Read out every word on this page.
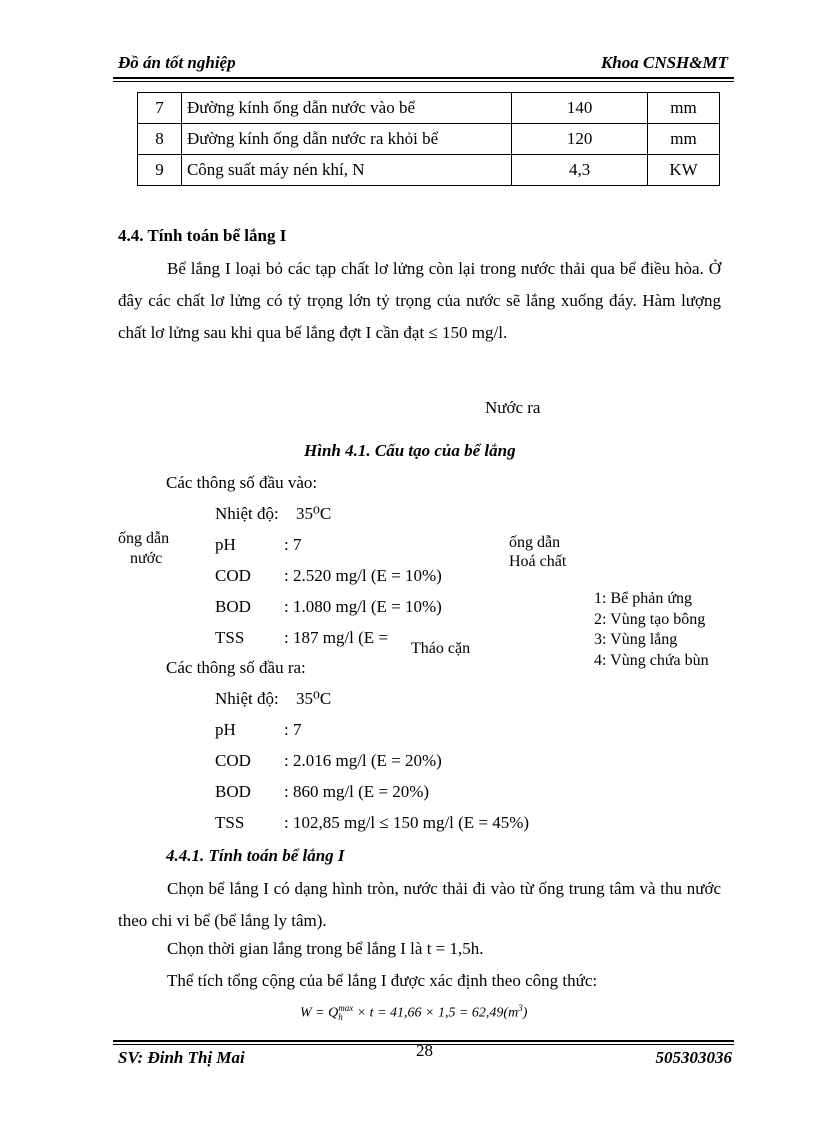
Đồ án tốt nghiệp	Khoa CNSH&MT
7	Đường kính ống dẫn nước vào bể	140	mm
8	Đường kính ống dẫn nước ra khỏi bể	120	mm
9	Công suất máy nén khí, N	4,3	KW
4.4. Tính toán bể lắng I
Bể lắng I loại bỏ các tạp chất lơ lửng còn lại trong nước thải qua bể điều hòa. Ở đây các chất lơ lửng có tỷ trọng lớn tỷ trọng của nước sẽ lắng xuống đáy. Hàm lượng chất lơ lửng sau khi qua bể lắng đợt I cần đạt ≤ 150 mg/l.
Nước ra
Hình 4.1. Cấu tạo của bể lắng
Các thông số đầu vào:
Nhiệt độ: 35⁰C
pH	: 7
COD : 2.520 mg/l (E = 10%)
BOD : 1.080 mg/l (E = 10%)
TSS : 187 mg/l (E =
ống dẫn
nước
ống dẫn
Hoá chất
Tháo cặn
1: Bể phản ứng
2: Vùng tạo bông
3: Vùng lắng
4: Vùng chứa bùn
Các thông số đầu ra:
Nhiệt độ: 35⁰C
pH	: 7
COD : 2.016 mg/l (E = 20%)
BOD : 860 mg/l (E = 20%)
TSS : 102,85 mg/l ≤ 150 mg/l (E = 45%)
4.4.1. Tính toán bể lắng I
Chọn bể lắng I có dạng hình tròn, nước thải đi vào từ ống trung tâm và thu nước theo chi vi bể (bể lắng ly tâm).
Chọn thời gian lắng trong bể lắng I là t = 1,5h.
Thể tích tổng cộng của bể lắng I được xác định theo công thức:
W = Q max
$h \times t = 41,66 \times 1,5 = 62,49(m^3)$
SV: Đinh Thị Mai	28	505303036
